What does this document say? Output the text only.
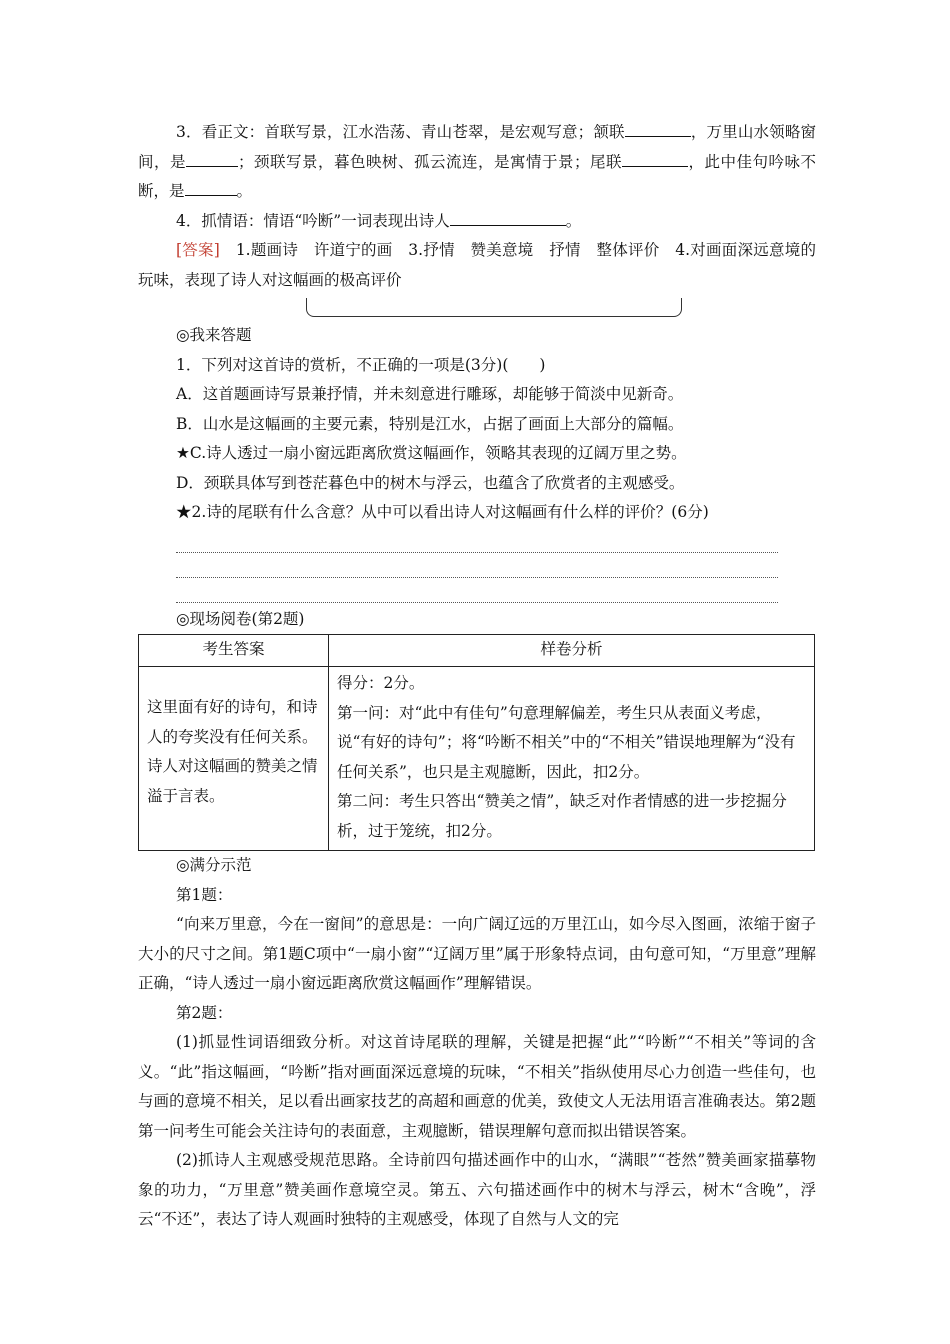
3．看正文：首联写景，江水浩荡、青山苍翠，是宏观写意；颔联	，万里山水领略窗间，是	；颈联写景，暮色映树、孤云流连，是寓情于景；尾联	，此中佳句吟咏不断，是	。

4．抓情语：情语“吟断”一词表现出诗人	。

[答案]　1.题画诗　许道宁的画　3.抒情　赞美意境　抒情　整体评价　4.对画面深远意境的玩味，表现了诗人对这幅画的极高评价

◎我来答题

1．下列对这首诗的赏析，不正确的一项是(3分)(　　)

A．这首题画诗写景兼抒情，并未刻意进行雕琢，却能够于简淡中见新奇。

B．山水是这幅画的主要元素，特别是江水，占据了画面上大部分的篇幅。

★C.诗人透过一扇小窗远距离欣赏这幅画作，领略其表现的辽阔万里之势。

D．颈联具体写到苍茫暮色中的树木与浮云，也蕴含了欣赏者的主观感受。

★2.诗的尾联有什么含意？从中可以看出诗人对这幅画有什么样的评价？(6分)

◎现场阅卷(第2题)

考生答案	样卷分析
这里面有好的诗句，和诗人的夸奖没有任何关系。诗人对这幅画的赞美之情溢于言表。	得分：2分。
第一问：对“此中有佳句”句意理解偏差，考生只从表面义考虑，说“有好的诗句”；将“吟断不相关”中的“不相关”错误地理解为“没有任何关系”，也只是主观臆断，因此，扣2分。
第二问：考生只答出“赞美之情”，缺乏对作者情感的进一步挖掘分析，过于笼统，扣2分。

◎满分示范

第1题：

“向来万里意，今在一窗间”的意思是：一向广阔辽远的万里江山，如今尽入图画，浓缩于窗子大小的尺寸之间。第1题C项中“一扇小窗”“辽阔万里”属于形象特点词，由句意可知，“万里意”理解正确，“诗人透过一扇小窗远距离欣赏这幅画作”理解错误。

第2题：

(1)抓显性词语细致分析。对这首诗尾联的理解，关键是把握“此”“吟断”“不相关”等词的含义。“此”指这幅画，“吟断”指对画面深远意境的玩味，“不相关”指纵使用尽心力创造一些佳句，也与画的意境不相关，足以看出画家技艺的高超和画意的优美，致使文人无法用语言准确表达。第2题第一问考生可能会关注诗句的表面意，主观臆断，错误理解句意而拟出错误答案。

(2)抓诗人主观感受规范思路。全诗前四句描述画作中的山水，“满眼”“苍然”赞美画家描摹物象的功力，“万里意”赞美画作意境空灵。第五、六句描述画作中的树木与浮云，树木“含晚”，浮云“不还”，表达了诗人观画时独特的主观感受，体现了自然与人文的完
